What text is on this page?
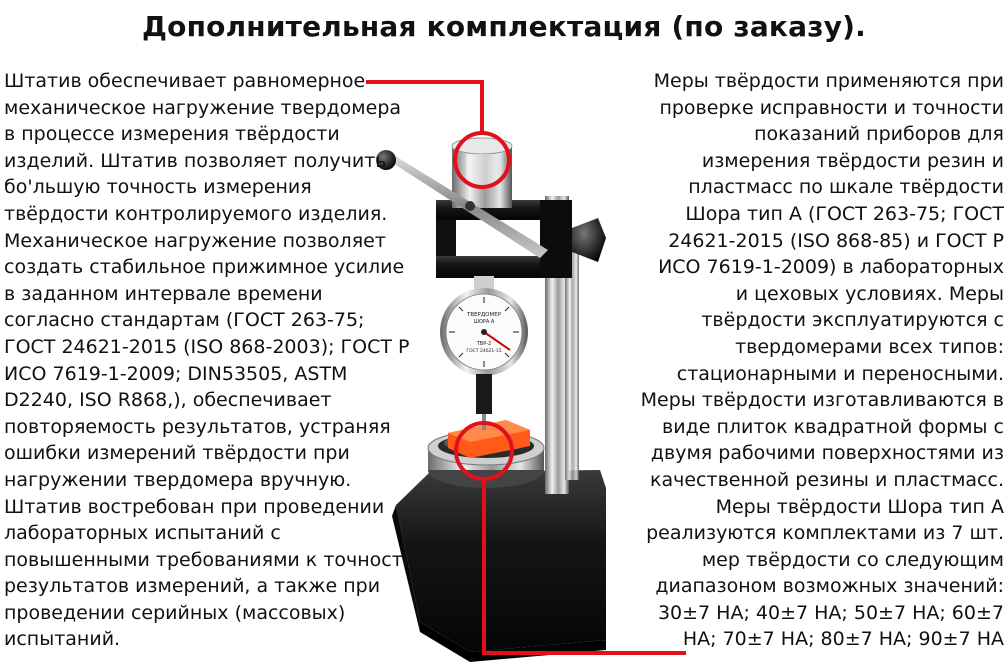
Дополнительная комплектация (по заказу).
ТВЕРДОМЕР
ШОРА А
ТВР-2
ГОСТ 24621-15

Штатив обеспечивает равномерное механическое нагружение твердомера в процессе измерения твёрдости изделий. Штатив позволяет получить бо'льшую точность измерения твёрдости контролируемого изделия. Механическое нагружение позволяет создать стабильное прижимное усилие в заданном интервале времени согласно стандартам (ГОСТ 263-75; ГОСТ 24621-2015 (ISO 868-2003); ГОСТ Р ИСО 7619-1-2009; DIN53505, ASTM D2240, ISO R868,), обеспечивает повторяемость результатов, устраняя ошибки измерений твёрдости при нагружении твердомера вручную. Штатив востребован при проведении лабораторных испытаний с повышенными требованиями к точности результатов измерений, а также при проведении серийных (массовых) испытаний.

Меры твёрдости применяются при проверке исправности и точности показаний приборов для измерения твёрдости резин и пластмасс по шкале твёрдости Шора тип А (ГОСТ 263-75; ГОСТ 24621-2015 (ISO 868-85) и ГОСТ Р ИСО 7619-1-2009) в лабораторных и цеховых условиях. Меры твёрдости эксплуатируются с твердомерами всех типов: стационарными и переносными. Меры твёрдости изготавливаются в виде плиток квадратной формы с двумя рабочими поверхностями из качественной резины и пластмасс. Меры твёрдости Шора тип А реализуются комплектами из 7 шт. мер твёрдости со следующим диапазоном возможных значений: 30±7 НА; 40±7 НА; 50±7 НА; 60±7 НА; 70±7 НА; 80±7 НА; 90±7 НА
